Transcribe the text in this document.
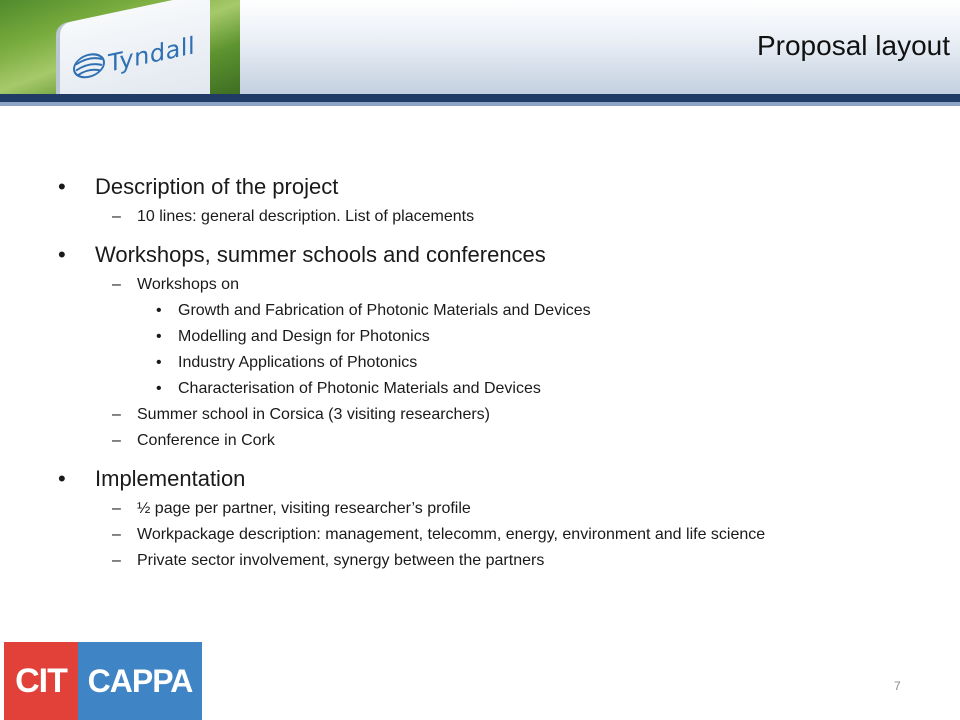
Tyndall	Proposal layout
• Description of the project
– 10 lines: general description. List of placements
• Workshops, summer schools and conferences
– Workshops on
• Growth and Fabrication of Photonic Materials and Devices
• Modelling and Design for Photonics
• Industry Applications of Photonics
• Characterisation of Photonic Materials and Devices
– Summer school in Corsica (3 visiting researchers)
– Conference in Cork
• Implementation
– ½ page per partner, visiting researcher’s profile
– Workpackage description: management, telecomm, energy, environment and life science
– Private sector involvement, synergy between the partners
CIT CAPPA	7
